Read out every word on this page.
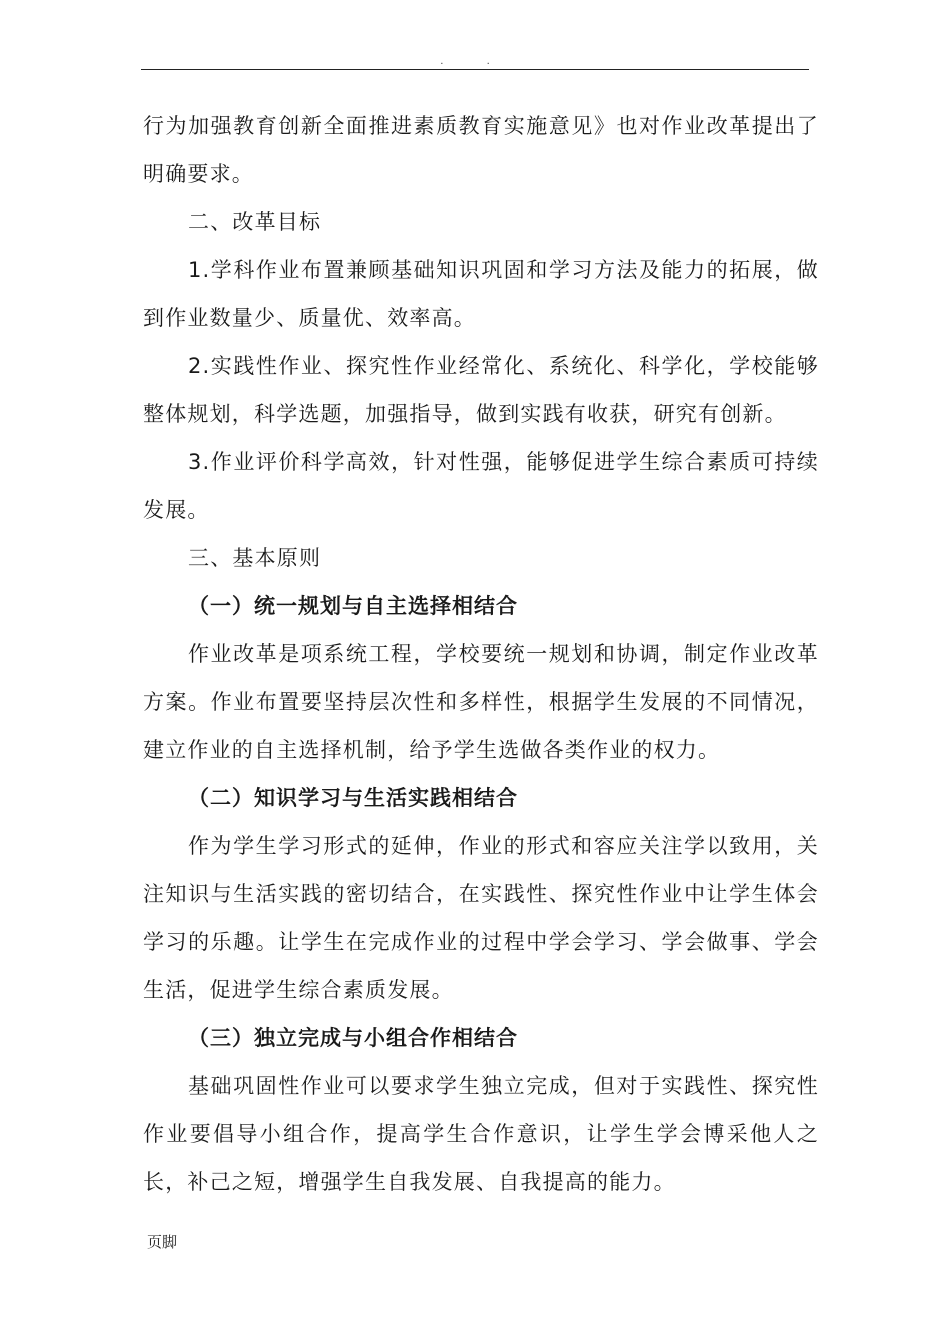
. .

行为加强教育创新全面推进素质教育实施意见》也对作业改革提出了明确要求。

二、改革目标

1.学科作业布置兼顾基础知识巩固和学习方法及能力的拓展，做到作业数量少、质量优、效率高。

2.实践性作业、探究性作业经常化、系统化、科学化，学校能够整体规划，科学选题，加强指导，做到实践有收获，研究有创新。

3.作业评价科学高效，针对性强，能够促进学生综合素质可持续发展。

三、基本原则

（一）统一规划与自主选择相结合

作业改革是项系统工程，学校要统一规划和协调，制定作业改革方案。作业布置要坚持层次性和多样性，根据学生发展的不同情况，建立作业的自主选择机制，给予学生选做各类作业的权力。

（二）知识学习与生活实践相结合

作为学生学习形式的延伸，作业的形式和容应关注学以致用，关注知识与生活实践的密切结合，在实践性、探究性作业中让学生体会学习的乐趣。让学生在完成作业的过程中学会学习、学会做事、学会生活，促进学生综合素质发展。

（三）独立完成与小组合作相结合

基础巩固性作业可以要求学生独立完成，但对于实践性、探究性作业要倡导小组合作，提高学生合作意识，让学生学会博采他人之长，补己之短，增强学生自我发展、自我提高的能力。

页脚
